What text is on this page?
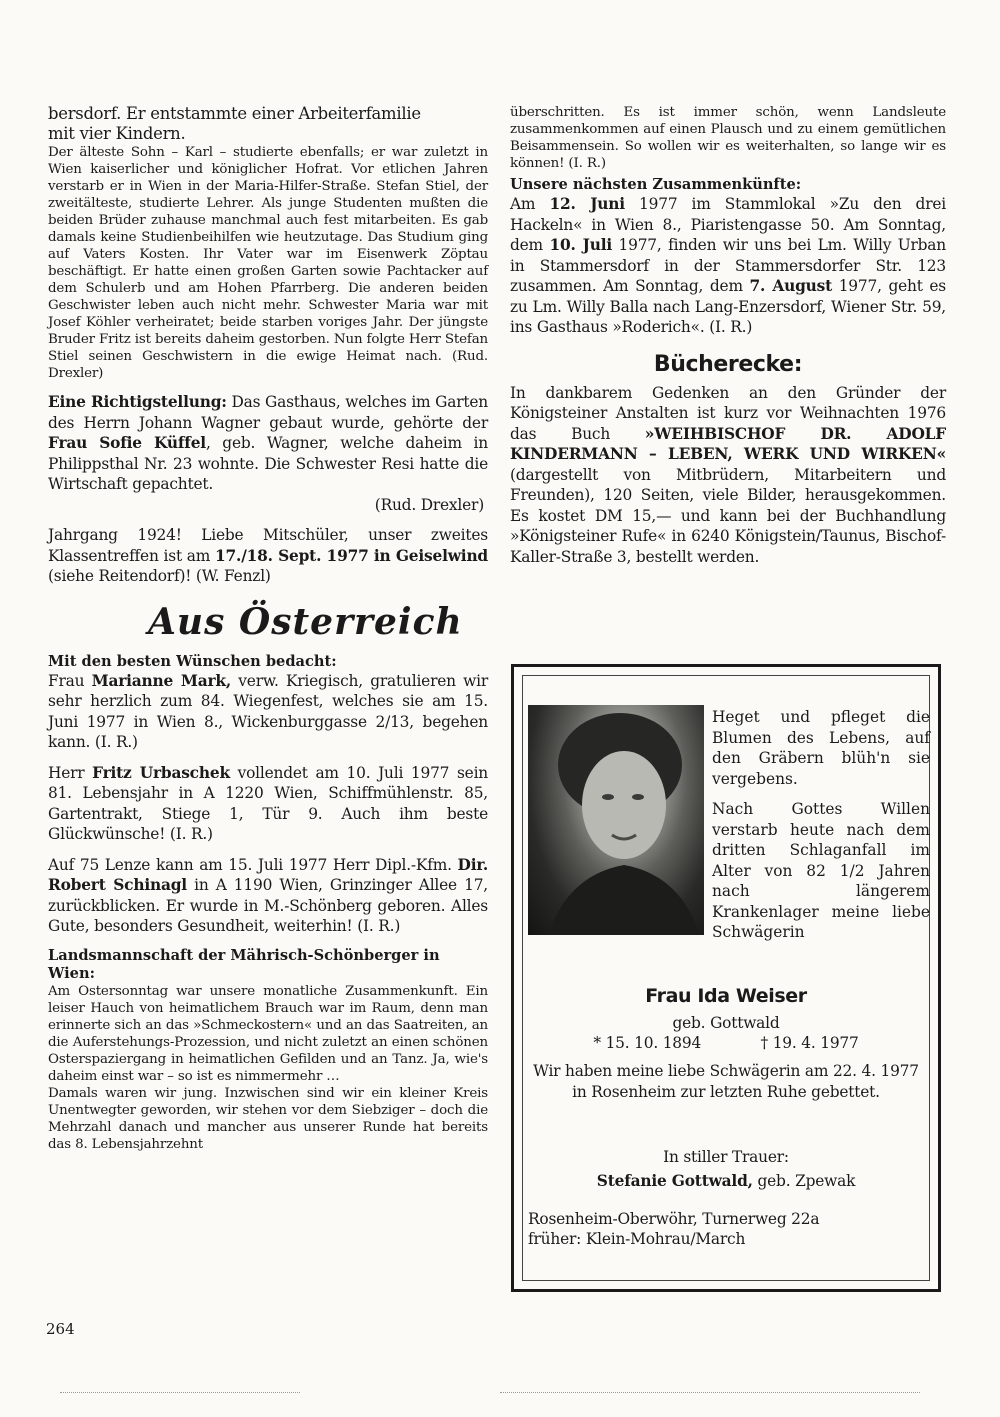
bersdorf. Er entstammte einer Arbeiterfamilie

mit vier Kindern.

Der älteste Sohn – Karl – studierte ebenfalls; er war zuletzt in Wien kaiserlicher und königlicher Hofrat. Vor etlichen Jahren verstarb er in Wien in der Maria-Hilfer-Straße. Stefan Stiel, der zweitälteste, studierte Lehrer. Als junge Studenten mußten die beiden Brüder zuhause manchmal auch fest mitarbeiten. Es gab damals keine Studienbeihilfen wie heutzutage. Das Studium ging auf Vaters Kosten. Ihr Vater war im Eisenwerk Zöptau beschäftigt. Er hatte einen großen Garten sowie Pachtacker auf dem Schulerb und am Hohen Pfarrberg. Die anderen beiden Geschwister leben auch nicht mehr. Schwester Maria war mit Josef Köhler verheiratet; beide starben voriges Jahr. Der jüngste Bruder Fritz ist bereits daheim gestorben. Nun folgte Herr Stefan Stiel seinen Geschwistern in die ewige Heimat nach. (Rud. Drexler)

Eine Richtigstellung: Das Gasthaus, welches im Garten des Herrn Johann Wagner gebaut wurde, gehörte der Frau Sofie Küffel, geb. Wagner, welche daheim in Philippsthal Nr. 23 wohnte. Die Schwester Resi hatte die Wirtschaft gepachtet.

(Rud. Drexler)

Jahrgang 1924! Liebe Mitschüler, unser zweites Klassentreffen ist am 17./18. Sept. 1977 in Geiselwind (siehe Reitendorf)! (W. Fenzl)

Aus Österreich

Mit den besten Wünschen bedacht:

Frau Marianne Mark, verw. Kriegisch, gratulieren wir sehr herzlich zum 84. Wiegenfest, welches sie am 15. Juni 1977 in Wien 8., Wickenburggasse 2/13, begehen kann. (I. R.)

Herr Fritz Urbaschek vollendet am 10. Juli 1977 sein 81. Lebensjahr in A 1220 Wien, Schiffmühlenstr. 85, Gartentrakt, Stiege 1, Tür 9. Auch ihm beste Glückwünsche! (I. R.)

Auf 75 Lenze kann am 15. Juli 1977 Herr Dipl.-Kfm. Dir. Robert Schinagl in A 1190 Wien, Grinzinger Allee 17, zurückblicken. Er wurde in M.-Schönberg geboren. Alles Gute, besonders Gesundheit, weiterhin! (I. R.)

Landsmannschaft der Mährisch-Schönberger in Wien:

Am Ostersonntag war unsere monatliche Zusammenkunft. Ein leiser Hauch von heimatlichem Brauch war im Raum, denn man erinnerte sich an das »Schmeckostern« und an das Saatreiten, an die Auferstehungs-Prozession, und nicht zuletzt an einen schönen Osterspaziergang in heimatlichen Gefilden und an Tanz. Ja, wie's daheim einst war – so ist es nimmermehr …

Damals waren wir jung. Inzwischen sind wir ein kleiner Kreis Unentwegter geworden, wir stehen vor dem Siebziger – doch die Mehrzahl danach und mancher aus unserer Runde hat bereits das 8. Lebensjahrzehnt

überschritten. Es ist immer schön, wenn Landsleute zusammenkommen auf einen Plausch und zu einem gemütlichen Beisammensein. So wollen wir es weiterhalten, so lange wir es können! (I. R.)

Unsere nächsten Zusammenkünfte:

Am 12. Juni 1977 im Stammlokal »Zu den drei Hackeln« in Wien 8., Piaristengasse 50. Am Sonntag, dem 10. Juli 1977, finden wir uns bei Lm. Willy Urban in Stammersdorf in der Stammersdorfer Str. 123 zusammen. Am Sonntag, dem 7. August 1977, geht es zu Lm. Willy Balla nach Lang-Enzersdorf, Wiener Str. 59, ins Gasthaus »Roderich«. (I. R.)

Bücherecke:

In dankbarem Gedenken an den Gründer der Königsteiner Anstalten ist kurz vor Weihnachten 1976 das Buch »WEIHBISCHOF DR. ADOLF KINDERMANN – LEBEN, WERK UND WIRKEN« (dargestellt von Mitbrüdern, Mitarbeitern und Freunden), 120 Seiten, viele Bilder, herausgekommen. Es kostet DM 15,— und kann bei der Buchhandlung »Königsteiner Rufe« in 6240 Königstein/Taunus, Bischof-Kaller-Straße 3, bestellt werden.

Heget und pfleget die Blumen des Lebens, auf den Gräbern blüh'n sie vergebens.

Nach Gottes Willen verstarb heute nach dem dritten Schlaganfall im Alter von 82 1/2 Jahren nach längerem Krankenlager meine liebe Schwägerin

Frau Ida Weiser
geb. Gottwald
* 15. 10. 1894	† 19. 4. 1977
Wir haben meine liebe Schwägerin am 22. 4. 1977 in Rosenheim zur letzten Ruhe gebettet.
In stiller Trauer:
Stefanie Gottwald, geb. Zpewak
Rosenheim-Oberwöhr, Turnerweg 22a
früher: Klein-Mohrau/March
264
